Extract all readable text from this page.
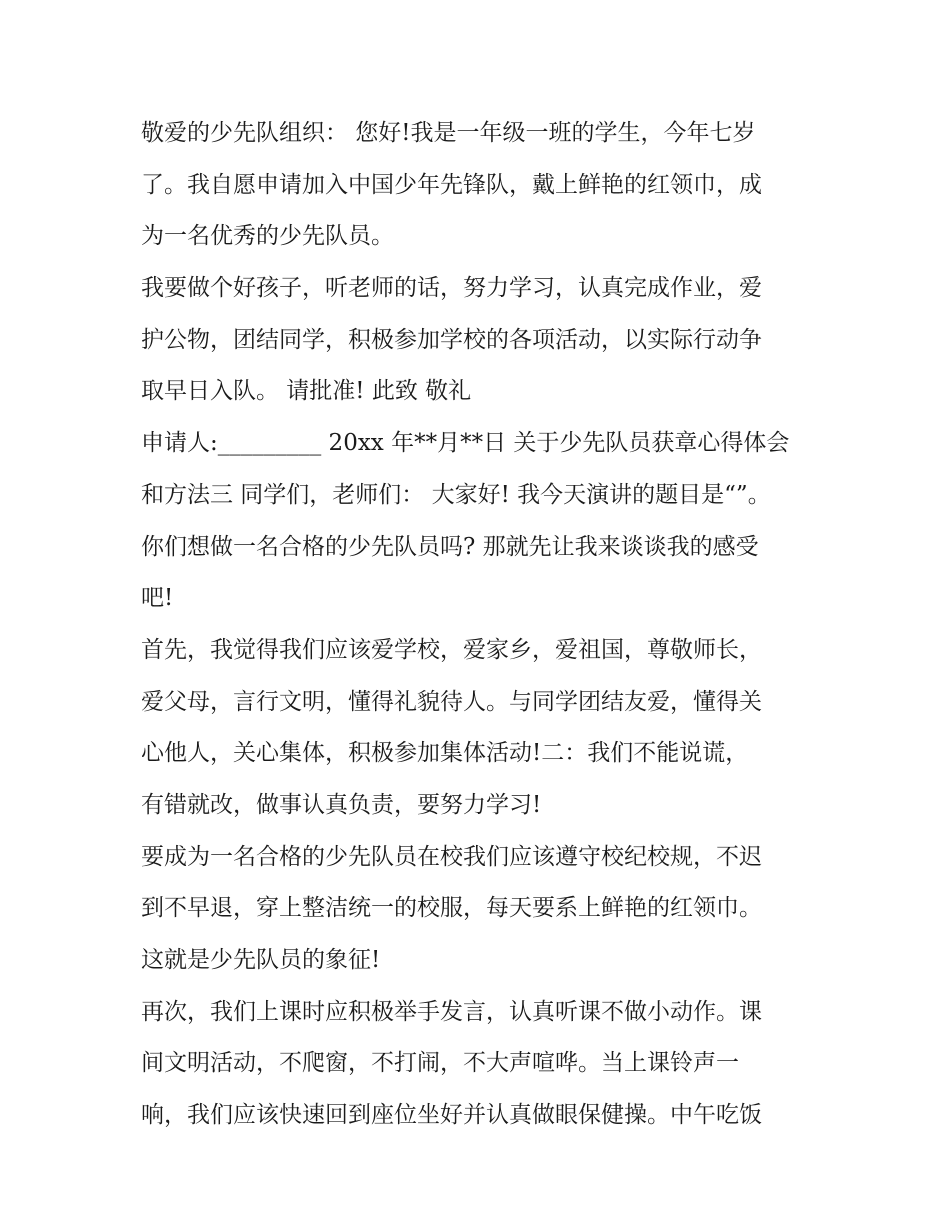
敬爱的少先队组织： 您好!我是一年级一班的学生，今年七岁
了。我自愿申请加入中国少年先锋队，戴上鲜艳的红领巾，成
为一名优秀的少先队员。
我要做个好孩子，听老师的话，努力学习，认真完成作业，爱
护公物，团结同学，积极参加学校的各项活动，以实际行动争
取早日入队。 请批准! 此致 敬礼
申请人:_________ 20xx 年**月**日 关于少先队员获章心得体会
和方法三 同学们，老师们： 大家好! 我今天演讲的题目是“”。
你们想做一名合格的少先队员吗? 那就先让我来谈谈我的感受
吧!
首先，我觉得我们应该爱学校，爱家乡，爱祖国，尊敬师长，
爱父母，言行文明，懂得礼貌待人。与同学团结友爱，懂得关
心他人，关心集体，积极参加集体活动!二：我们不能说谎，
有错就改，做事认真负责，要努力学习!
要成为一名合格的少先队员在校我们应该遵守校纪校规，不迟
到不早退，穿上整洁统一的校服，每天要系上鲜艳的红领巾。
这就是少先队员的象征!
再次，我们上课时应积极举手发言，认真听课不做小动作。课
间文明活动，不爬窗，不打闹，不大声喧哗。当上课铃声一
响，我们应该快速回到座位坐好并认真做眼保健操。中午吃饭
